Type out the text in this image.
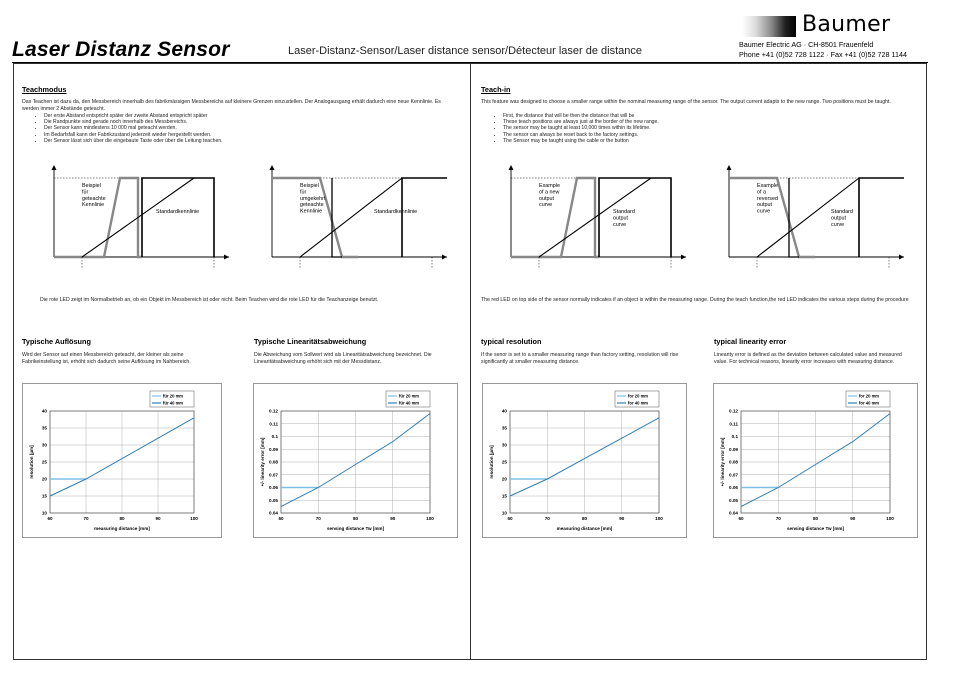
Laser Distanz Sensor	Laser-Distanz-Sensor/Laser distance sensor/Détecteur laser de distance
Baumer
Baumer Electric AG · CH-8501 Frauenfeld
Phone +41 (0)52 728 1122 · Fax +41 (0)52 728 1144
Teachmodus
Das Teachen ist dazu da, den Messbereich innerhalb des fabrikmässigen Messbereichs auf kleinere Grenzen einzustellen. Der Analogausgang erhält dadurch eine neue Kennlinie. Es werden immer 2 Abstände geteacht.
• Der erste Abstand entspricht später der zweite Abstand entspricht später
• Die Randpunkte sind gerade noch innerhalb des Messbereichs.
• Der Sensor kann mindestens 10 000 mal geteacht werden.
• Im Bedarfsfall kann der Fabrikzustand jederzeit wieder hergestellt werden.
• Der Sensor lässt sich über die eingebaute Taste oder über die Leitung teachen.
Beispiel für geteachte Kennlinie
Standardkennlinie
Beispiel für umgekehrt geteachte Kennlinie	Standardkennlinie
Die rote LED zeigt im Normalbetrieb an, ob ein Objekt im Messbereich ist oder nicht. Beim Teachen wird die rote LED für die Teachanzeige benutzt.
Typische Auflösung
Wird der Sensor auf einen Messbereich geteacht, der kleiner als seine Fabrikeinstellung ist, erhöht sich dadurch seine Auflösung im Nahbereich.
Typische Linearitätsabweichung
Die Abweichung vom Sollwert wird als Linearitätsabweichung bezeichnet. Die Linearitätsabweichung erhöht sich mit der Messdistanz.
10
15
20
25
30
35
40
60	70	80	90	100
für 20 mm
für 40 mm
measuring distance [mm]
resolution [µm]
0.04
0.05
0.06
0.07
0.08
0.09
0.1
0.11
0.12
60	70	80	90	100
für 20 mm
für 40 mm
sensing distance Tw [mm]
+/- linearity error [mm]
Teach-in
This feature was designed to choose a smaller range within the nominal measuring range of the sensor. The output current adapts to the new range. Two positions must be taught.
• First, the distance that will be then the distance that will be
• These teach positions are always just at the border of the new range.
• The sensor may be taught at least 10,000 times within its lifetime.
• The sensor can always be reset back to the factory settings.
• The Sensor may be taught using the cable or the button
Example of a new output curve
Standard output curve
Example of a reversed output curve	Standard output curve
The red LED on top side of the sensor normally indicates if an object is within the measuring range. During the teach function,the red LED indicates the various steps during the procedure
typical resolution
If the senor is set to a smaller measuring range than factory setting, resolution will rise significantly at smaller measuring distance.
typical linearity error
Linearity error is defined as the deviation between calculated value and measured value. For technical reasons, linearity error increases with measuring distance.
10
15
20
25
30
35
40
60	70	80	90	100
for 20 mm
for 40 mm
measuring distance [mm]
resolution [µm]
0.04
0.05
0.06
0.07
0.08
0.09
0.1
0.11
0.12
60	70	80	90	100
for 20 mm
for 40 mm
sensing distance Tw [mm]
+/- linearity error [mm]
